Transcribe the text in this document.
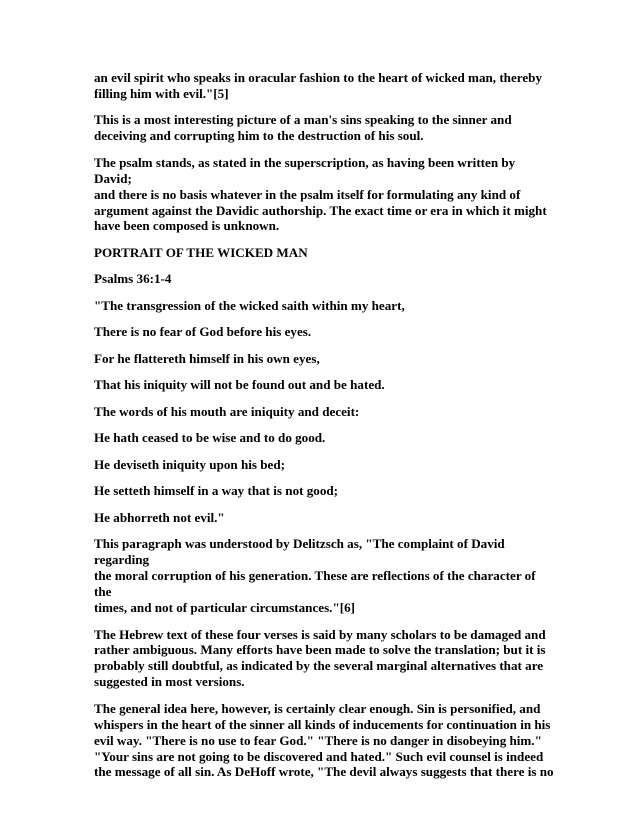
an evil spirit who speaks in oracular fashion to the heart of wicked man, thereby
filling him with evil."[5]

This is a most interesting picture of a man's sins speaking to the sinner and
deceiving and corrupting him to the destruction of his soul.

The psalm stands, as stated in the superscription, as having been written by David;
and there is no basis whatever in the psalm itself for formulating any kind of
argument against the Davidic authorship. The exact time or era in which it might
have been composed is unknown.

PORTRAIT OF THE WICKED MAN

Psalms 36:1-4

"The transgression of the wicked saith within my heart,

There is no fear of God before his eyes.

For he flattereth himself in his own eyes,

That his iniquity will not be found out and be hated.

The words of his mouth are iniquity and deceit:

He hath ceased to be wise and to do good.

He deviseth iniquity upon his bed;

He setteth himself in a way that is not good;

He abhorreth not evil."

This paragraph was understood by Delitzsch as, "The complaint of David regarding
the moral corruption of his generation. These are reflections of the character of the
times, and not of particular circumstances."[6]

The Hebrew text of these four verses is said by many scholars to be damaged and
rather ambiguous. Many efforts have been made to solve the translation; but it is
probably still doubtful, as indicated by the several marginal alternatives that are
suggested in most versions.

The general idea here, however, is certainly clear enough. Sin is personified, and
whispers in the heart of the sinner all kinds of inducements for continuation in his
evil way. "There is no use to fear God." "There is no danger in disobeying him."
"Your sins are not going to be discovered and hated." Such evil counsel is indeed
the message of all sin. As DeHoff wrote, "The devil always suggests that there is no
